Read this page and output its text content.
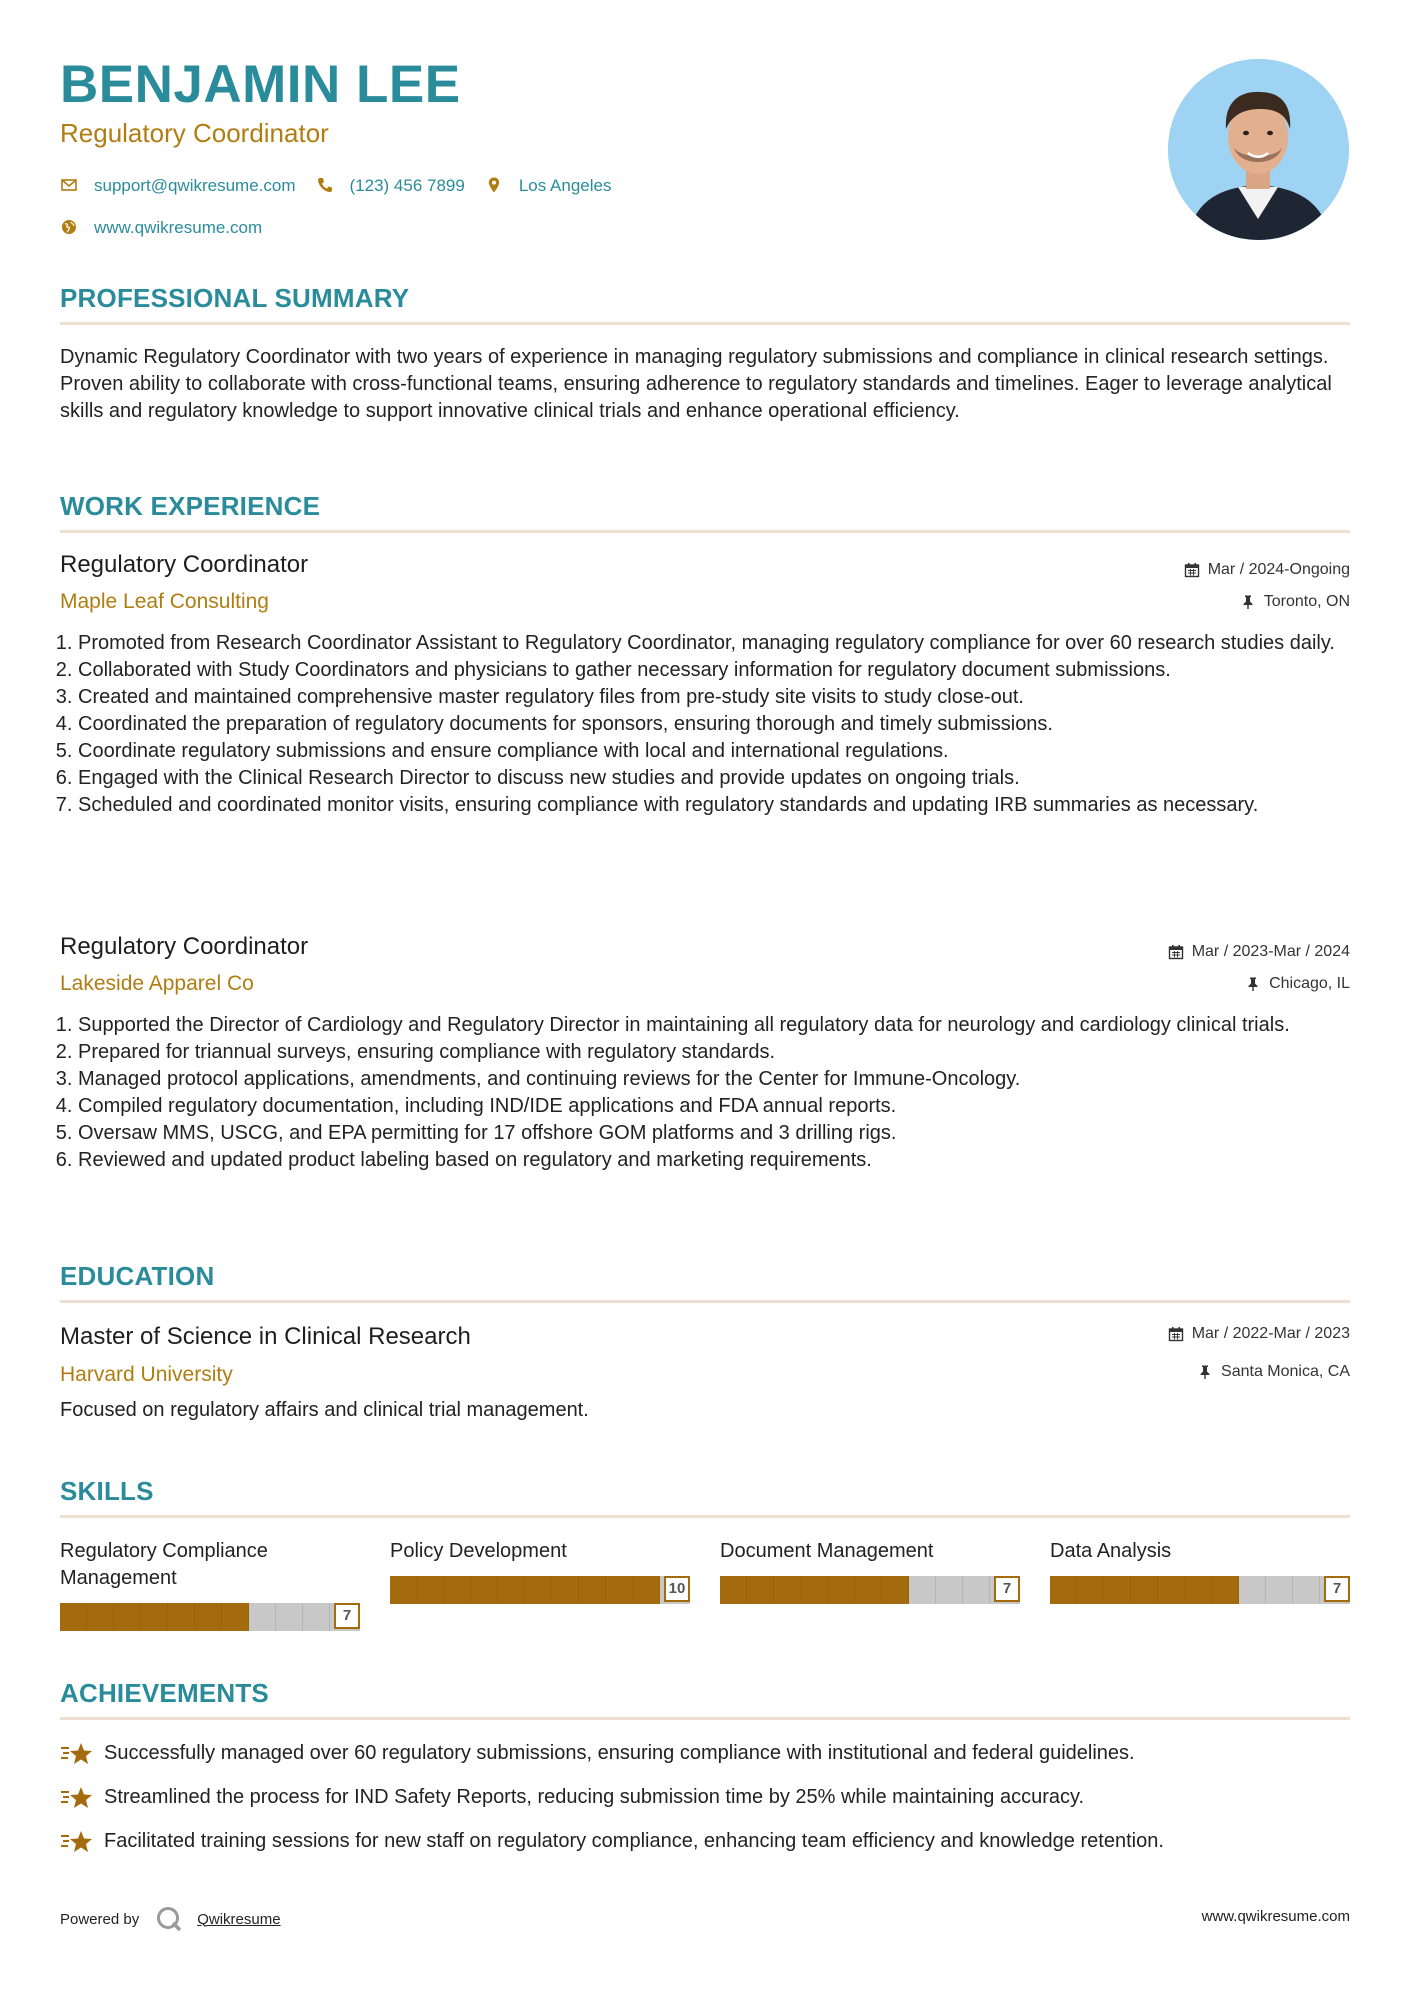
BENJAMIN LEE
Regulatory Coordinator
support@qwikresume.com	(123) 456 7899	Los Angeles
www.qwikresume.com
PROFESSIONAL SUMMARY
Dynamic Regulatory Coordinator with two years of experience in managing regulatory submissions and compliance in clinical research settings. Proven ability to collaborate with cross-functional teams, ensuring adherence to regulatory standards and timelines. Eager to leverage analytical skills and regulatory knowledge to support innovative clinical trials and enhance operational efficiency.
WORK EXPERIENCE
Regulatory Coordinator	Mar / 2024-Ongoing
Maple Leaf Consulting	Toronto, ON
1. Promoted from Research Coordinator Assistant to Regulatory Coordinator, managing regulatory compliance for over 60 research studies daily.
2. Collaborated with Study Coordinators and physicians to gather necessary information for regulatory document submissions.
3. Created and maintained comprehensive master regulatory files from pre-study site visits to study close-out.
4. Coordinated the preparation of regulatory documents for sponsors, ensuring thorough and timely submissions.
5. Coordinate regulatory submissions and ensure compliance with local and international regulations.
6. Engaged with the Clinical Research Director to discuss new studies and provide updates on ongoing trials.
7. Scheduled and coordinated monitor visits, ensuring compliance with regulatory standards and updating IRB summaries as necessary.
Regulatory Coordinator	Mar / 2023-Mar / 2024
Lakeside Apparel Co	Chicago, IL
1. Supported the Director of Cardiology and Regulatory Director in maintaining all regulatory data for neurology and cardiology clinical trials.
2. Prepared for triannual surveys, ensuring compliance with regulatory standards.
3. Managed protocol applications, amendments, and continuing reviews for the Center for Immune-Oncology.
4. Compiled regulatory documentation, including IND/IDE applications and FDA annual reports.
5. Oversaw MMS, USCG, and EPA permitting for 17 offshore GOM platforms and 3 drilling rigs.
6. Reviewed and updated product labeling based on regulatory and marketing requirements.
EDUCATION
Master of Science in Clinical Research	Mar / 2022-Mar / 2023
Harvard University	Santa Monica, CA
Focused on regulatory affairs and clinical trial management.
SKILLS
Regulatory Compliance Management
7
Policy Development
10
Document Management
7
Data Analysis
7
ACHIEVEMENTS
Successfully managed over 60 regulatory submissions, ensuring compliance with institutional and federal guidelines.
Streamlined the process for IND Safety Reports, reducing submission time by 25% while maintaining accuracy.
Facilitated training sessions for new staff on regulatory compliance, enhancing team efficiency and knowledge retention.
Powered by	Qwikresume	www.qwikresume.com
